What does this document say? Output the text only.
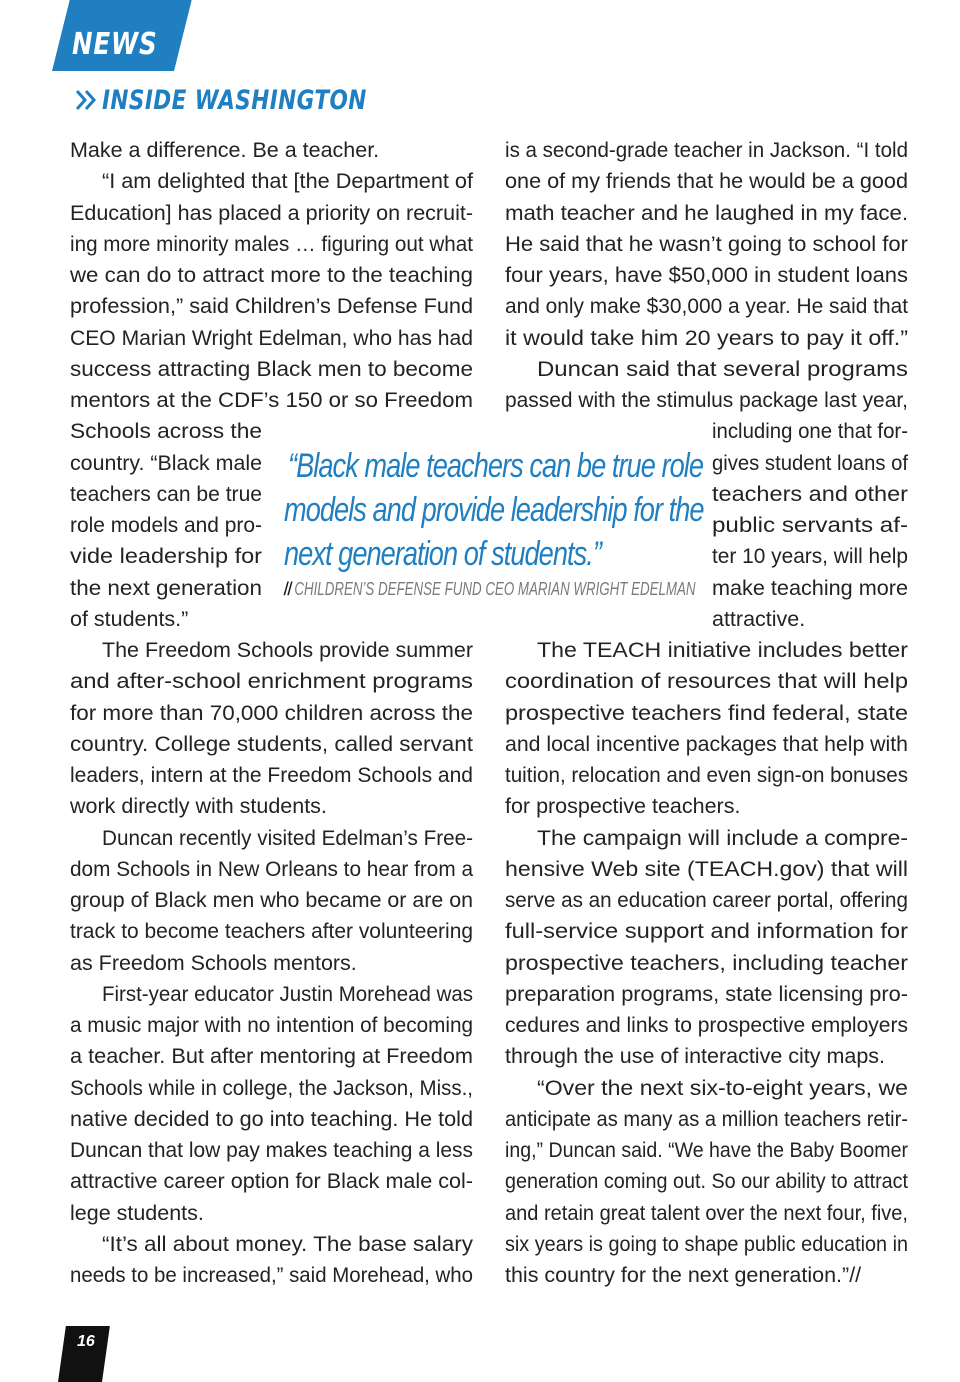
NEWS
INSIDE WASHINGTON
Make a difference. Be a teacher.
“I am delighted that [the Department of
Education] has placed a priority on recruit-
ing more minority males … figuring out what
we can do to attract more to the teaching
profession,” said Children’s Defense Fund
CEO Marian Wright Edelman, who has had
success attracting Black men to become
mentors at the CDF’s 150 or so Freedom
Schools across the
country. “Black male
teachers can be true
role models and pro-
vide leadership for
the next generation
of students.”
The Freedom Schools provide summer
and after-school enrichment programs
for more than 70,000 children across the
country. College students, called servant
leaders, intern at the Freedom Schools and
work directly with students.
Duncan recently visited Edelman’s Free-
dom Schools in New Orleans to hear from a
group of Black men who became or are on
track to become teachers after volunteering
as Freedom Schools mentors.
First-year educator Justin Morehead was
a music major with no intention of becoming
a teacher. But after mentoring at Freedom
Schools while in college, the Jackson, Miss.,
native decided to go into teaching. He told
Duncan that low pay makes teaching a less
attractive career option for Black male col-
lege students.
“It’s all about money. The base salary
needs to be increased,” said Morehead, who
is a second-grade teacher in Jackson. “I told
one of my friends that he would be a good
math teacher and he laughed in my face.
He said that he wasn’t going to school for
four years, have $50,000 in student loans
and only make $30,000 a year. He said that
it would take him 20 years to pay it off.”
Duncan said that several programs
passed with the stimulus package last year,
including one that for-
gives student loans of
teachers and other
public servants af-
ter 10 years, will help
make teaching more
attractive.
The TEACH initiative includes better
coordination of resources that will help
prospective teachers find federal, state
and local incentive packages that help with
tuition, relocation and even sign-on bonuses
for prospective teachers.
The campaign will include a compre-
hensive Web site (TEACH.gov) that will
serve as an education career portal, offering
full-service support and information for
prospective teachers, including teacher
preparation programs, state licensing pro-
cedures and links to prospective employers
through the use of interactive city maps.
“Over the next six-to-eight years, we
anticipate as many as a million teachers retir-
ing,” Duncan said. “We have the Baby Boomer
generation coming out. So our ability to attract
and retain great talent over the next four, five,
six years is going to shape public education in
this country for the next generation.”//
“Black male teachers can be true role
models and provide leadership for the
next generation of students.”
// CHILDREN’S DEFENSE FUND CEO MARIAN WRIGHT EDELMAN
16
